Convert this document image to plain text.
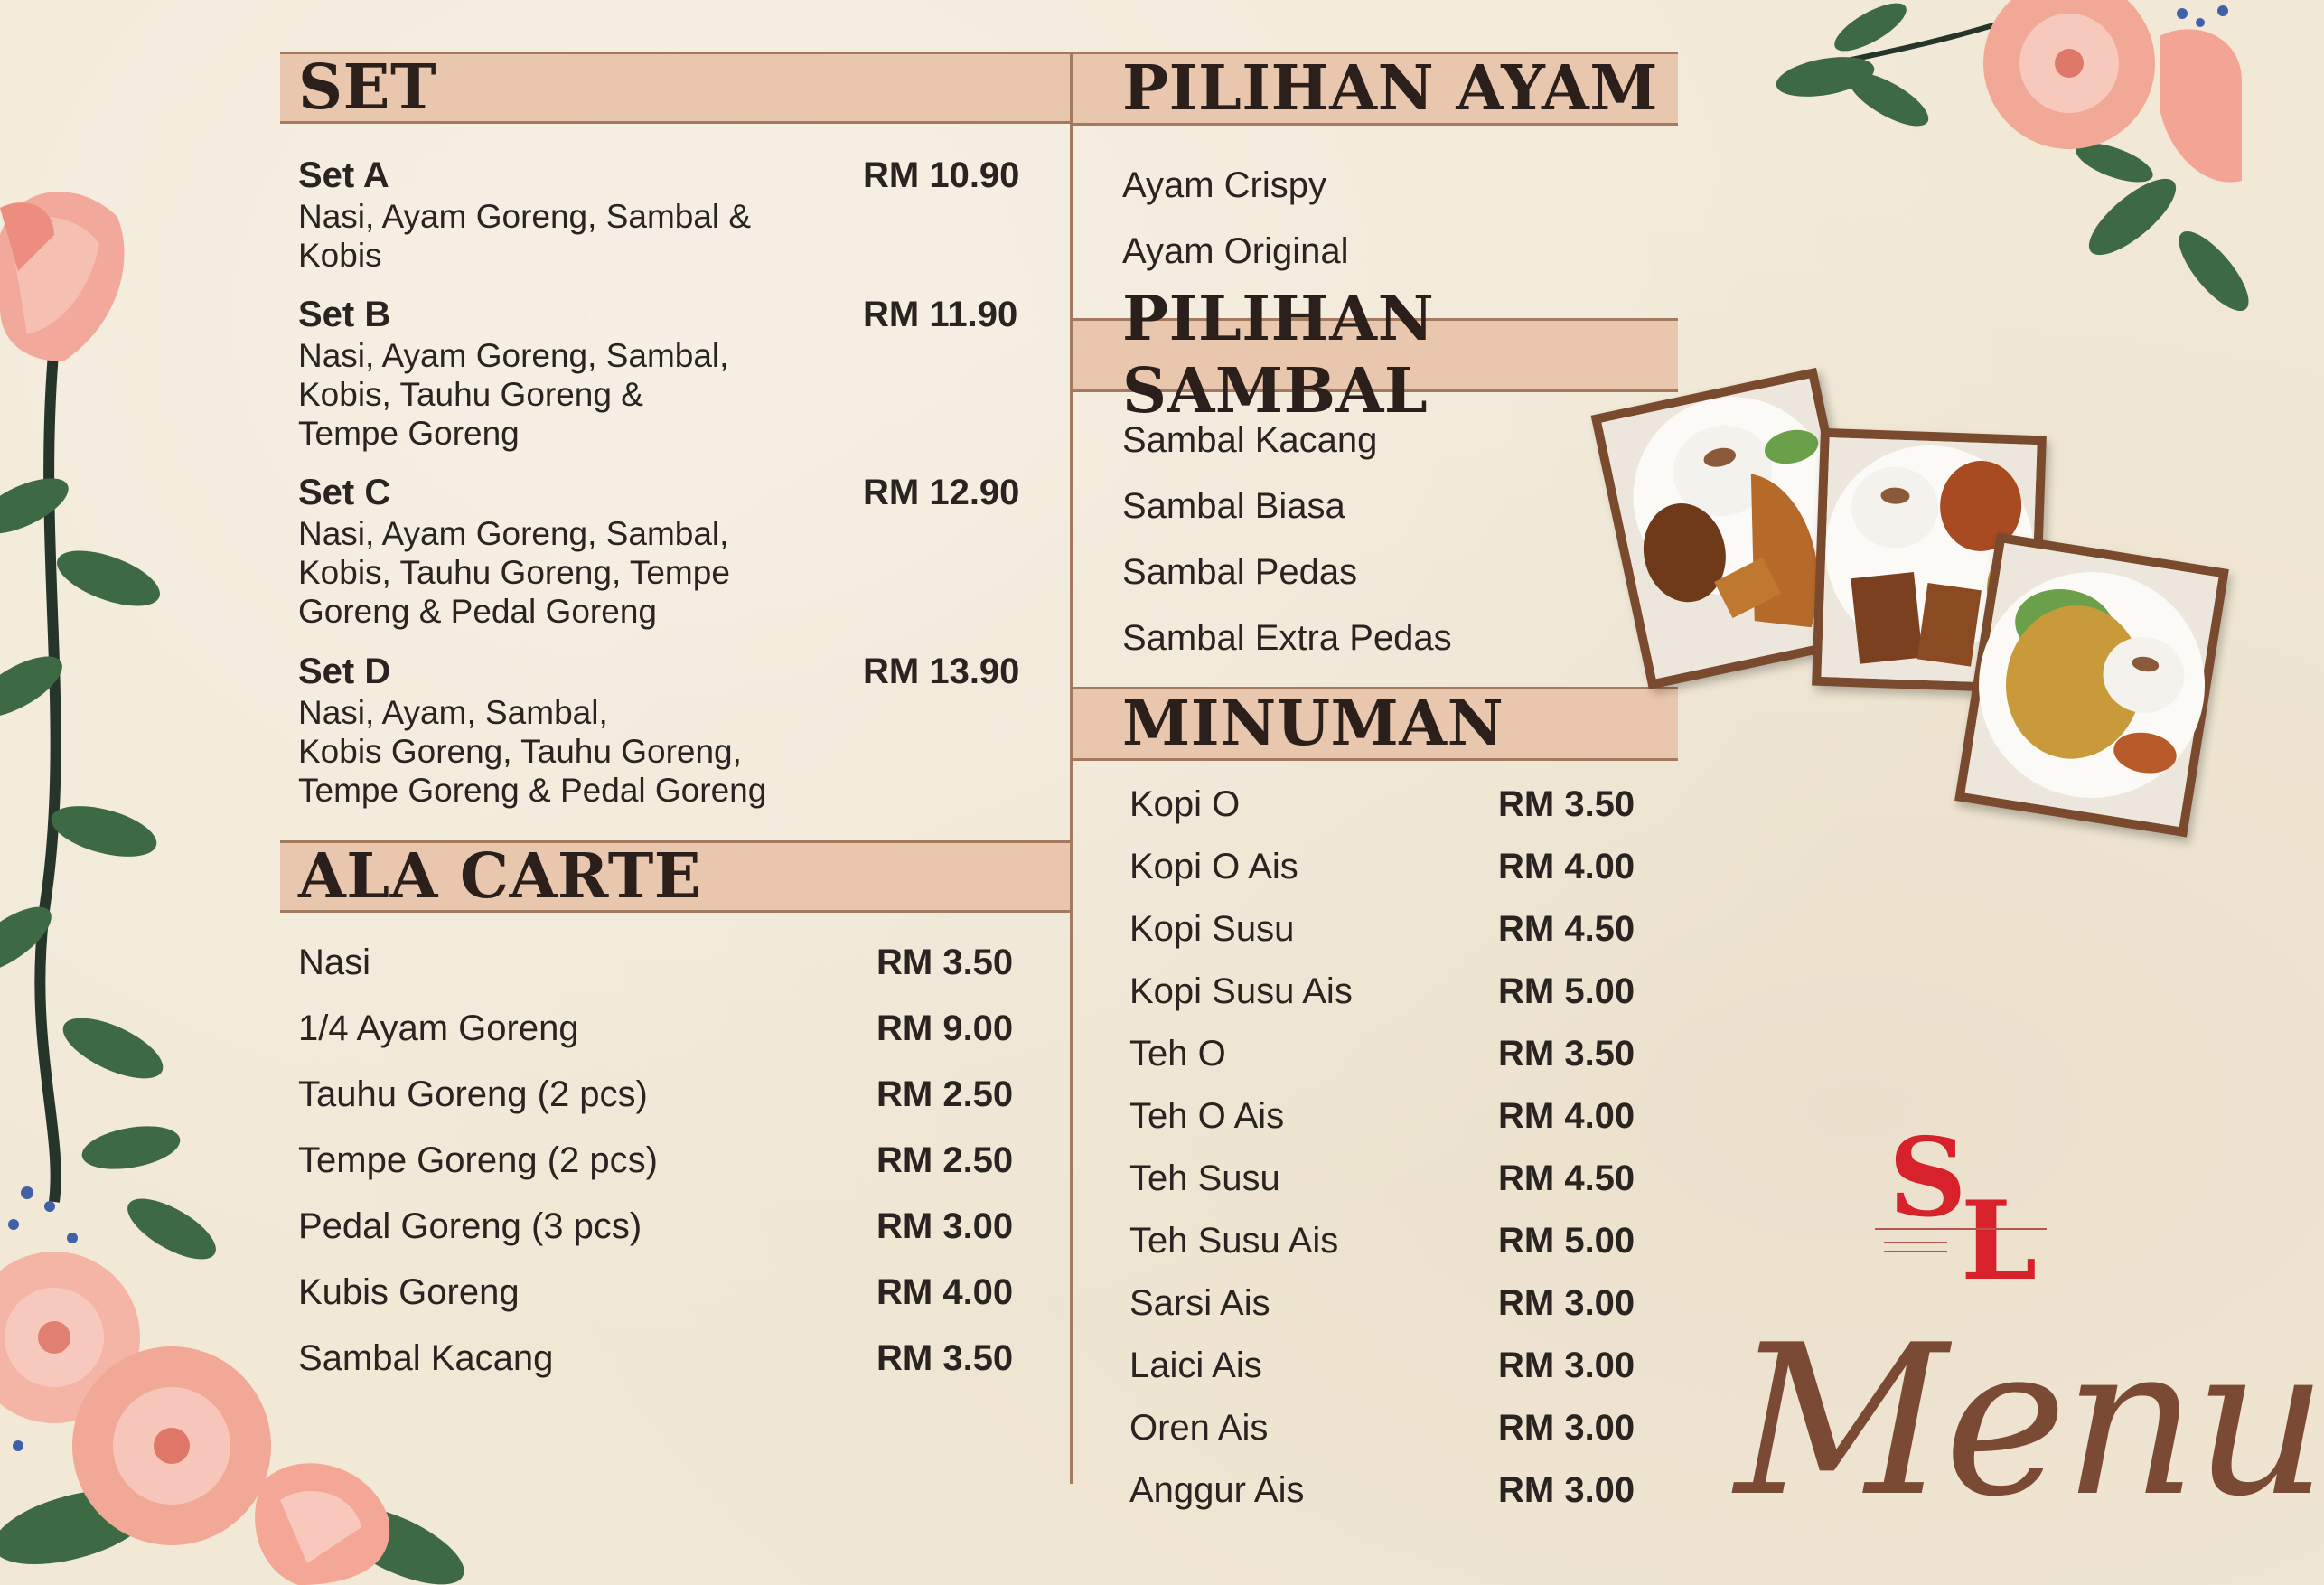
SET
Set A	RM 10.90
Nasi, Ayam Goreng, Sambal &
Kobis
Set B	RM 11.90
Nasi, Ayam Goreng, Sambal,
Kobis, Tauhu Goreng &
Tempe Goreng
Set C	RM 12.90
Nasi, Ayam Goreng, Sambal,
Kobis, Tauhu Goreng, Tempe
Goreng & Pedal Goreng
Set D	RM 13.90
Nasi, Ayam, Sambal,
Kobis Goreng, Tauhu Goreng,
Tempe Goreng & Pedal Goreng
ALA CARTE
Nasi	RM 3.50
1/4 Ayam Goreng	RM 9.00
Tauhu Goreng (2 pcs)	RM 2.50
Tempe Goreng (2 pcs)	RM 2.50
Pedal Goreng (3 pcs)	RM 3.00
Kubis Goreng	RM 4.00
Sambal Kacang	RM 3.50
PILIHAN AYAM
Ayam Crispy
Ayam Original
PILIHAN SAMBAL
Sambal Kacang
Sambal Biasa
Sambal Pedas
Sambal Extra Pedas
MINUMAN
Kopi O	RM 3.50
Kopi O Ais	RM 4.00
Kopi Susu	RM 4.50
Kopi Susu Ais	RM 5.00
Teh O	RM 3.50
Teh O Ais	RM 4.00
Teh Susu	RM 4.50
Teh Susu Ais	RM 5.00
Sarsi Ais	RM 3.00
Laici Ais	RM 3.00
Oren Ais	RM 3.00
Anggur Ais	RM 3.00
S
L
Menu
